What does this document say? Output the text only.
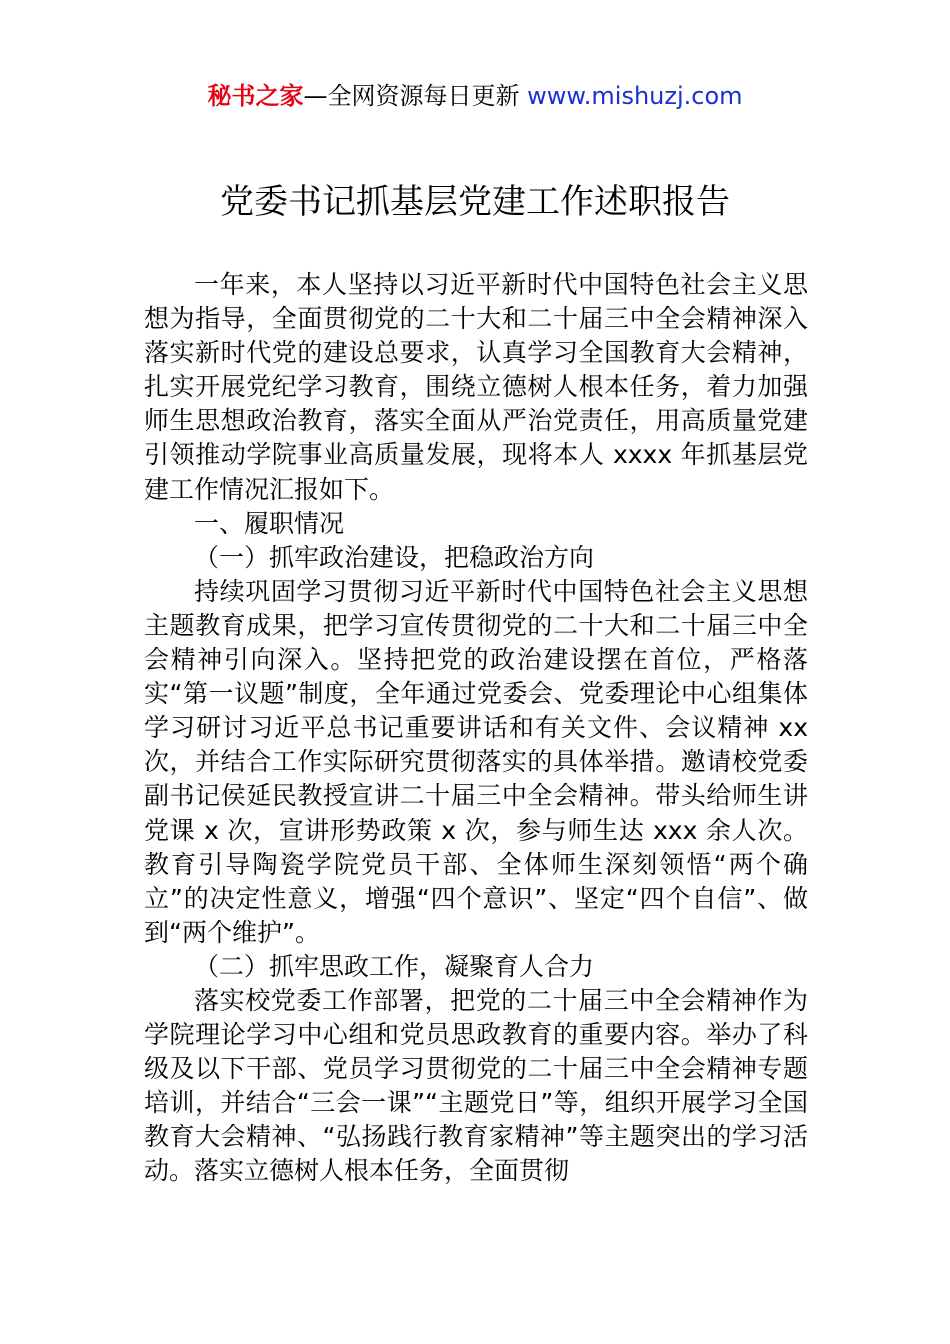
秘书之家—全网资源每日更新 www.mishuzj.com
党委书记抓基层党建工作述职报告

一年来，本人坚持以习近平新时代中国特色社会主义思想为指导，全面贯彻党的二十大和二十届三中全会精神深入落实新时代党的建设总要求，认真学习全国教育大会精神，扎实开展党纪学习教育，围绕立德树人根本任务，着力加强师生思想政治教育，落实全面从严治党责任，用高质量党建引领推动学院事业高质量发展，现将本人 xxxx 年抓基层党建工作情况汇报如下。

一、履职情况

（一）抓牢政治建设，把稳政治方向

持续巩固学习贯彻习近平新时代中国特色社会主义思想主题教育成果，把学习宣传贯彻党的二十大和二十届三中全会精神引向深入。坚持把党的政治建设摆在首位，严格落实“第一议题”制度，全年通过党委会、党委理论中心组集体学习研讨习近平总书记重要讲话和有关文件、会议精神 xx 次，并结合工作实际研究贯彻落实的具体举措。邀请校党委副书记侯延民教授宣讲二十届三中全会精神。带头给师生讲党课 x 次，宣讲形势政策 x 次，参与师生达 xxx 余人次。教育引导陶瓷学院党员干部、全体师生深刻领悟“两个确立”的决定性意义，增强“四个意识”、坚定“四个自信”、做到“两个维护”。

（二）抓牢思政工作，凝聚育人合力

落实校党委工作部署，把党的二十届三中全会精神作为学院理论学习中心组和党员思政教育的重要内容。举办了科级及以下干部、党员学习贯彻党的二十届三中全会精神专题培训，并结合“三会一课”“主题党日”等，组织开展学习全国教育大会精神、“弘扬践行教育家精神”等主题突出的学习活动。落实立德树人根本任务，全面贯彻
